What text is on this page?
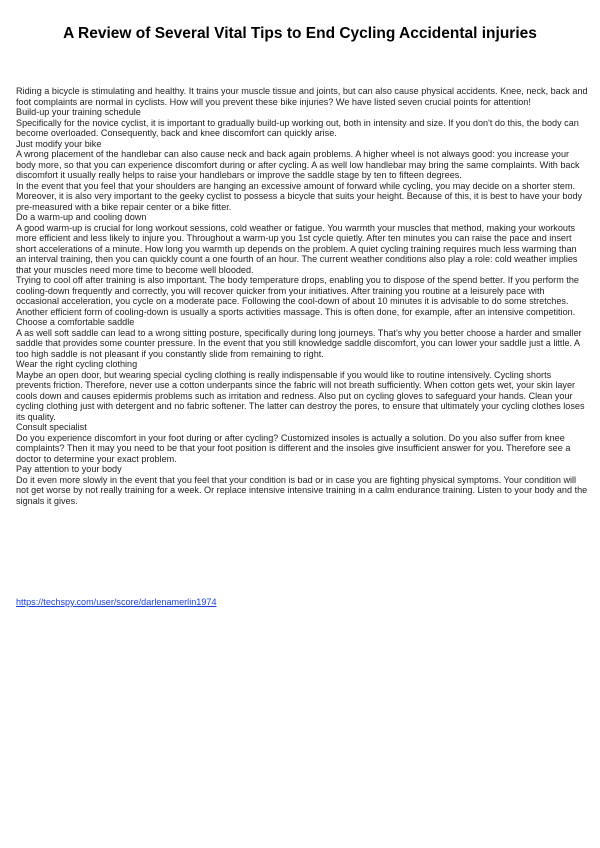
A Review of Several Vital Tips to End Cycling Accidental injuries

Riding a bicycle is stimulating and healthy. It trains your muscle tissue and joints, but can also cause physical accidents. Knee, neck, back and foot complaints are normal in cyclists. How will you prevent these bike injuries? We have listed seven crucial points for attention!

Build-up your training schedule

Specifically for the novice cyclist, it is important to gradually build-up working out, both in intensity and size. If you don't do this, the body can become overloaded. Consequently, back and knee discomfort can quickly arise.

Just modify your bike

A wrong placement of the handlebar can also cause neck and back again problems. A higher wheel is not always good: you increase your body more, so that you can experience discomfort during or after cycling. A as well low handlebar may bring the same complaints. With back discomfort it usually really helps to raise your handlebars or improve the saddle stage by ten to fifteen degrees.

In the event that you feel that your shoulders are hanging an excessive amount of forward while cycling, you may decide on a shorter stem. Moreover, it is also very important to the geeky cyclist to possess a bicycle that suits your height. Because of this, it is best to have your body pre-measured with a bike repair center or a bike fitter.

Do a warm-up and cooling down

A good warm-up is crucial for long workout sessions, cold weather or fatigue. You warmth your muscles that method, making your workouts more efficient and less likely to injure you. Throughout a warm-up you 1st cycle quietly. After ten minutes you can raise the pace and insert short accelerations of a minute. How long you warmth up depends on the problem. A quiet cycling training requires much less warming than an interval training, then you can quickly count a one fourth of an hour. The current weather conditions also play a role: cold weather implies that your muscles need more time to become well blooded.

Trying to cool off after training is also important. The body temperature drops, enabling you to dispose of the spend better. If you perform the cooling-down frequently and correctly, you will recover quicker from your initiatives. After training you routine at a leisurely pace with occasional acceleration, you cycle on a moderate pace. Following the cool-down of about 10 minutes it is advisable to do some stretches. Another efficient form of cooling-down is usually a sports activities massage. This is often done, for example, after an intensive competition.

Choose a comfortable saddle

A as well soft saddle can lead to a wrong sitting posture, specifically during long journeys. That's why you better choose a harder and smaller saddle that provides some counter pressure. In the event that you still knowledge saddle discomfort, you can lower your saddle just a little. A too high saddle is not pleasant if you constantly slide from remaining to right.

Wear the right cycling clothing

Maybe an open door, but wearing special cycling clothing is really indispensable if you would like to routine intensively. Cycling shorts prevents friction. Therefore, never use a cotton underpants since the fabric will not breath sufficiently. When cotton gets wet, your skin layer cools down and causes epidermis problems such as irritation and redness. Also put on cycling gloves to safeguard your hands. Clean your cycling clothing just with detergent and no fabric softener. The latter can destroy the pores, to ensure that ultimately your cycling clothes loses its quality.

Consult specialist

Do you experience discomfort in your foot during or after cycling? Customized insoles is actually a solution. Do you also suffer from knee complaints? Then it may you need to be that your foot position is different and the insoles give insufficient answer for you. Therefore see a doctor to determine your exact problem.

Pay attention to your body

Do it even more slowly in the event that you feel that your condition is bad or in case you are fighting physical symptoms. Your condition will not get worse by not really training for a week. Or replace intensive intensive training in a calm endurance training. Listen to your body and the signals it gives.

https://techspy.com/user/score/darlenamerlin1974
